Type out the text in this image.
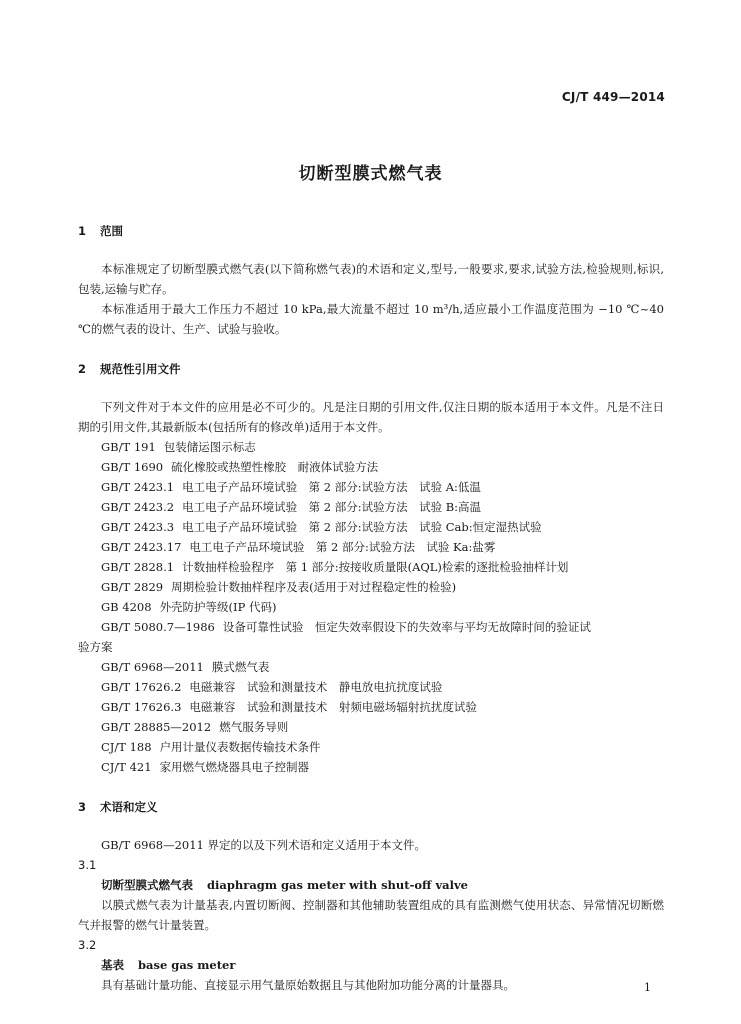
CJ/T 449—2014
切断型膜式燃气表
1 范围
本标准规定了切断型膜式燃气表(以下简称燃气表)的术语和定义,型号,一般要求,要求,试验方法,检验规则,标识,包装,运输与贮存。
本标准适用于最大工作压力不超过 10 kPa,最大流量不超过 10 m³/h,适应最小工作温度范围为 −10 ℃~40 ℃的燃气表的设计、生产、试验与验收。
2 规范性引用文件
下列文件对于本文件的应用是必不可少的。凡是注日期的引用文件,仅注日期的版本适用于本文件。凡是不注日期的引用文件,其最新版本(包括所有的修改单)适用于本文件。
GB/T 191 包装储运图示标志
GB/T 1690 硫化橡胶或热塑性橡胶　耐液体试验方法
GB/T 2423.1 电工电子产品环境试验　第 2 部分:试验方法　试验 A:低温
GB/T 2423.2 电工电子产品环境试验　第 2 部分:试验方法　试验 B:高温
GB/T 2423.3 电工电子产品环境试验　第 2 部分:试验方法　试验 Cab:恒定湿热试验
GB/T 2423.17 电工电子产品环境试验　第 2 部分:试验方法　试验 Ka:盐雾
GB/T 2828.1 计数抽样检验程序　第 1 部分:按接收质量限(AQL)检索的逐批检验抽样计划
GB/T 2829 周期检验计数抽样程序及表(适用于对过程稳定性的检验)
GB 4208 外壳防护等级(IP 代码)
GB/T 5080.7—1986 设备可靠性试验　恒定失效率假设下的失效率与平均无故障时间的验证试
验方案
GB/T 6968—2011 膜式燃气表
GB/T 17626.2 电磁兼容　试验和测量技术　静电放电抗扰度试验
GB/T 17626.3 电磁兼容　试验和测量技术　射频电磁场辐射抗扰度试验
GB/T 28885—2012 燃气服务导则
CJ/T 188 户用计量仪表数据传输技术条件
CJ/T 421 家用燃气燃烧器具电子控制器
3 术语和定义
GB/T 6968—2011 界定的以及下列术语和定义适用于本文件。
3.1
切断型膜式燃气表 diaphragm gas meter with shut-off valve
以膜式燃气表为计量基表,内置切断阀、控制器和其他辅助装置组成的具有监测燃气使用状态、异常情况切断燃气并报警的燃气计量装置。
3.2
基表 base gas meter
具有基础计量功能、直接显示用气量原始数据且与其他附加功能分离的计量器具。	1
